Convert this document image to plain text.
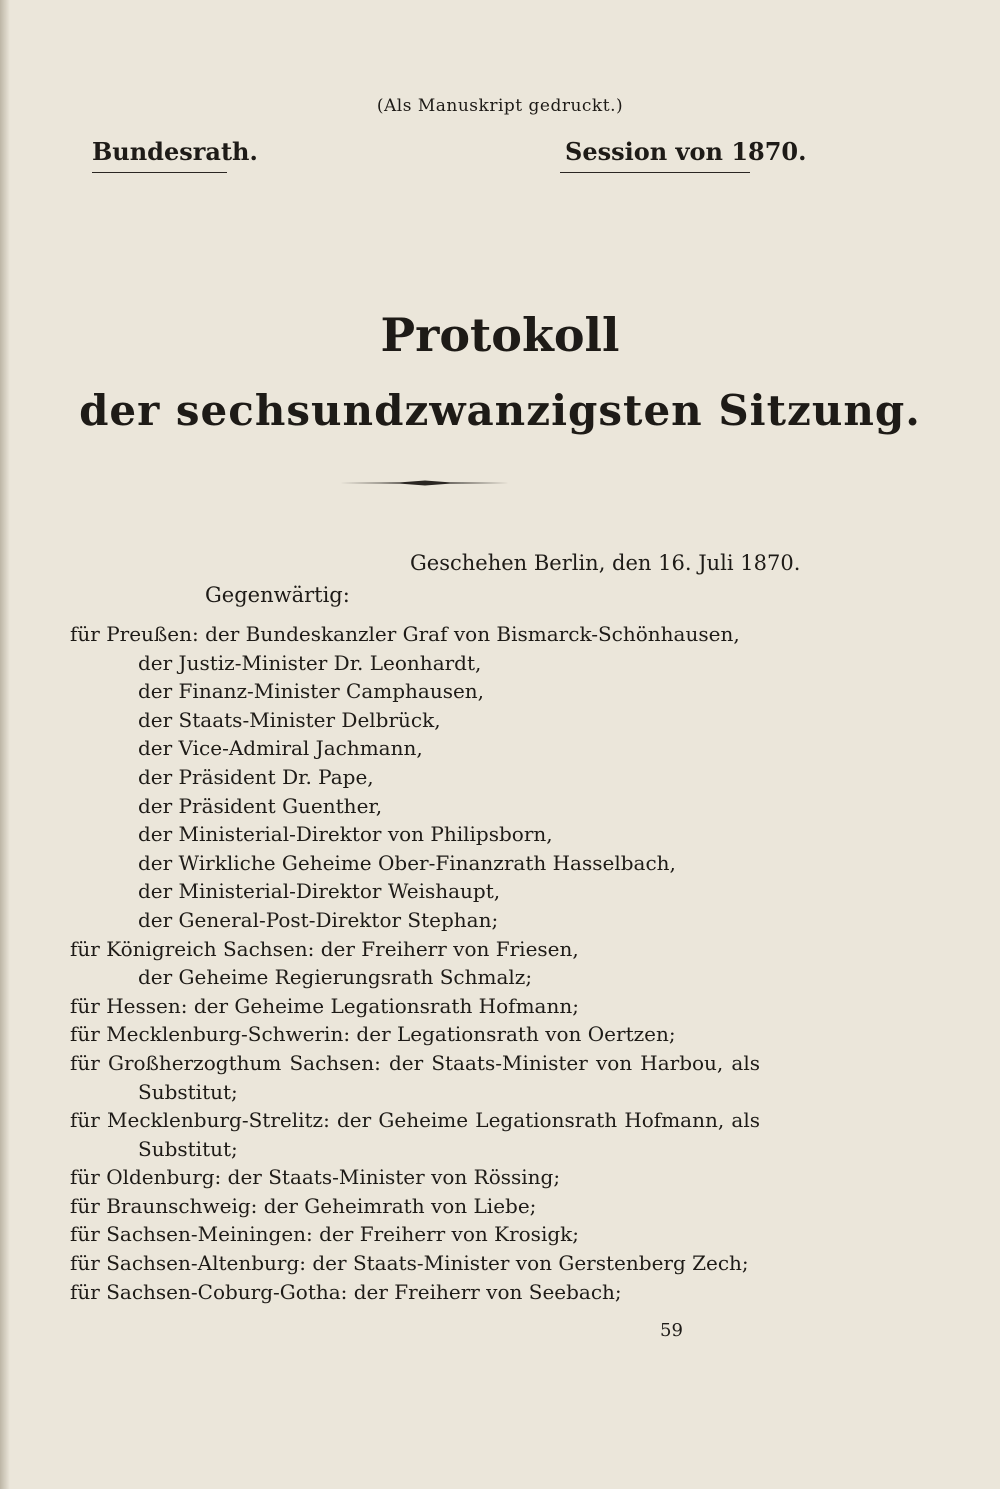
(Als Manuskript gedruckt.)
Bundesrath.	Session von 1870.
Protokoll
der sechsundzwanzigsten Sitzung.
Geschehen Berlin, den 16. Juli 1870.
Gegenwärtig:

für Preußen: der Bundeskanzler Graf von Bismarck-Schönhausen,

der Justiz-Minister Dr. Leonhardt,

der Finanz-Minister Camphausen,

der Staats-Minister Delbrück,

der Vice-Admiral Jachmann,

der Präsident Dr. Pape,

der Präsident Guenther,

der Ministerial-Direktor von Philipsborn,

der Wirkliche Geheime Ober-Finanzrath Hasselbach,

der Ministerial-Direktor Weishaupt,

der General-Post-Direktor Stephan;

für Königreich Sachsen: der Freiherr von Friesen,

der Geheime Regierungsrath Schmalz;

für Hessen: der Geheime Legationsrath Hofmann;

für Mecklenburg-Schwerin: der Legationsrath von Oertzen;

für Großherzogthum Sachsen: der Staats-Minister von Harbou, als Substitut;

für Mecklenburg-Strelitz: der Geheime Legationsrath Hofmann, als Substitut;

für Oldenburg: der Staats-Minister von Rössing;

für Braunschweig: der Geheimrath von Liebe;

für Sachsen-Meiningen: der Freiherr von Krosigk;

für Sachsen-Altenburg: der Staats-Minister von Gerstenberg Zech;

für Sachsen-Coburg-Gotha: der Freiherr von Seebach;

59
